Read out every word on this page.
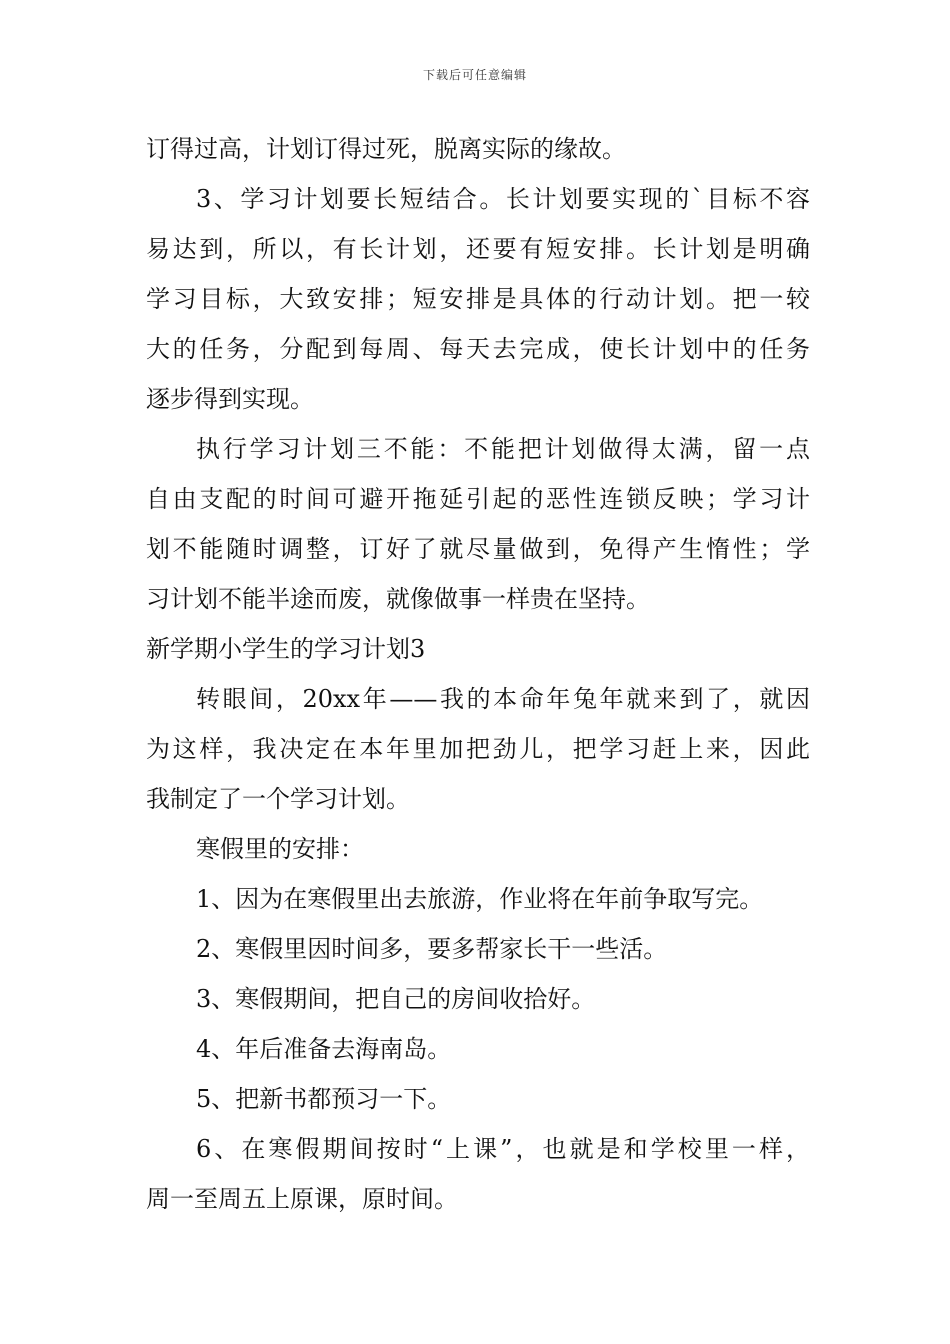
下载后可任意编辑
订得过高，计划订得过死，脱离实际的缘故。
3、学习计划要长短结合。长计划要实现的`目标不容
易达到，所以，有长计划，还要有短安排。长计划是明确
学习目标，大致安排；短安排是具体的行动计划。把一较
大的任务，分配到每周、每天去完成，使长计划中的任务
逐步得到实现。
执行学习计划三不能：不能把计划做得太满，留一点
自由支配的时间可避开拖延引起的恶性连锁反映；学习计
划不能随时调整，订好了就尽量做到，免得产生惰性；学
习计划不能半途而废，就像做事一样贵在坚持。
新学期小学生的学习计划3
转眼间，20xx年——我的本命年兔年就来到了，就因
为这样，我决定在本年里加把劲儿，把学习赶上来，因此
我制定了一个学习计划。
寒假里的安排：
1、因为在寒假里出去旅游，作业将在年前争取写完。
2、寒假里因时间多，要多帮家长干一些活。
3、寒假期间，把自己的房间收拾好。
4、年后准备去海南岛。
5、把新书都预习一下。
6、在寒假期间按时“上课”，也就是和学校里一样，
周一至周五上原课，原时间。
